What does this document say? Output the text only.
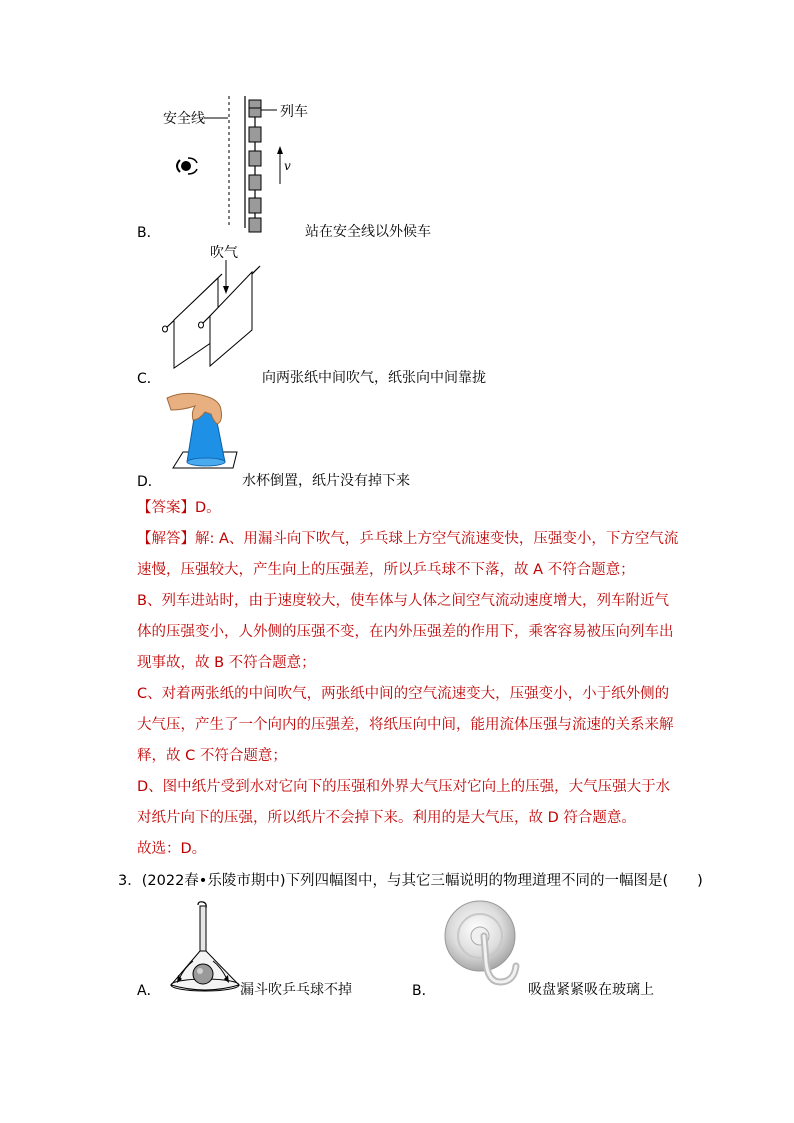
安全线	列车
v
B．	站在安全线以外候车
吹气
C．	向两张纸中间吹气，纸张向中间靠拢
D．	水杯倒置，纸片没有掉下来
【答案】D。

【解答】解: A、用漏斗向下吹气，乒乓球上方空气流速变快，压强变小，下方空气流速慢，压强较大，产生向上的压强差，所以乒乓球不下落，故 A 不符合题意；

B、列车进站时，由于速度较大，使车体与人体之间空气流动速度增大，列车附近气体的压强变小，人外侧的压强不变，在内外压强差的作用下，乘客容易被压向列车出现事故，故 B 不符合题意；

C、对着两张纸的中间吹气，两张纸中间的空气流速变大，压强变小，小于纸外侧的大气压，产生了一个向内的压强差，将纸压向中间，能用流体压强与流速的关系来解释，故 C 不符合题意；

D、图中纸片受到水对它向下的压强和外界大气压对它向上的压强，大气压强大于水对纸片向下的压强，所以纸片不会掉下来。利用的是大气压，故 D 符合题意。

故选：D。

3．(2022春•乐陵市期中)下列四幅图中，与其它三幅说明的物理道理不同的一幅图是(　　)
A．	漏斗吹乒乓球不掉	B．	吸盘紧紧吸在玻璃上
